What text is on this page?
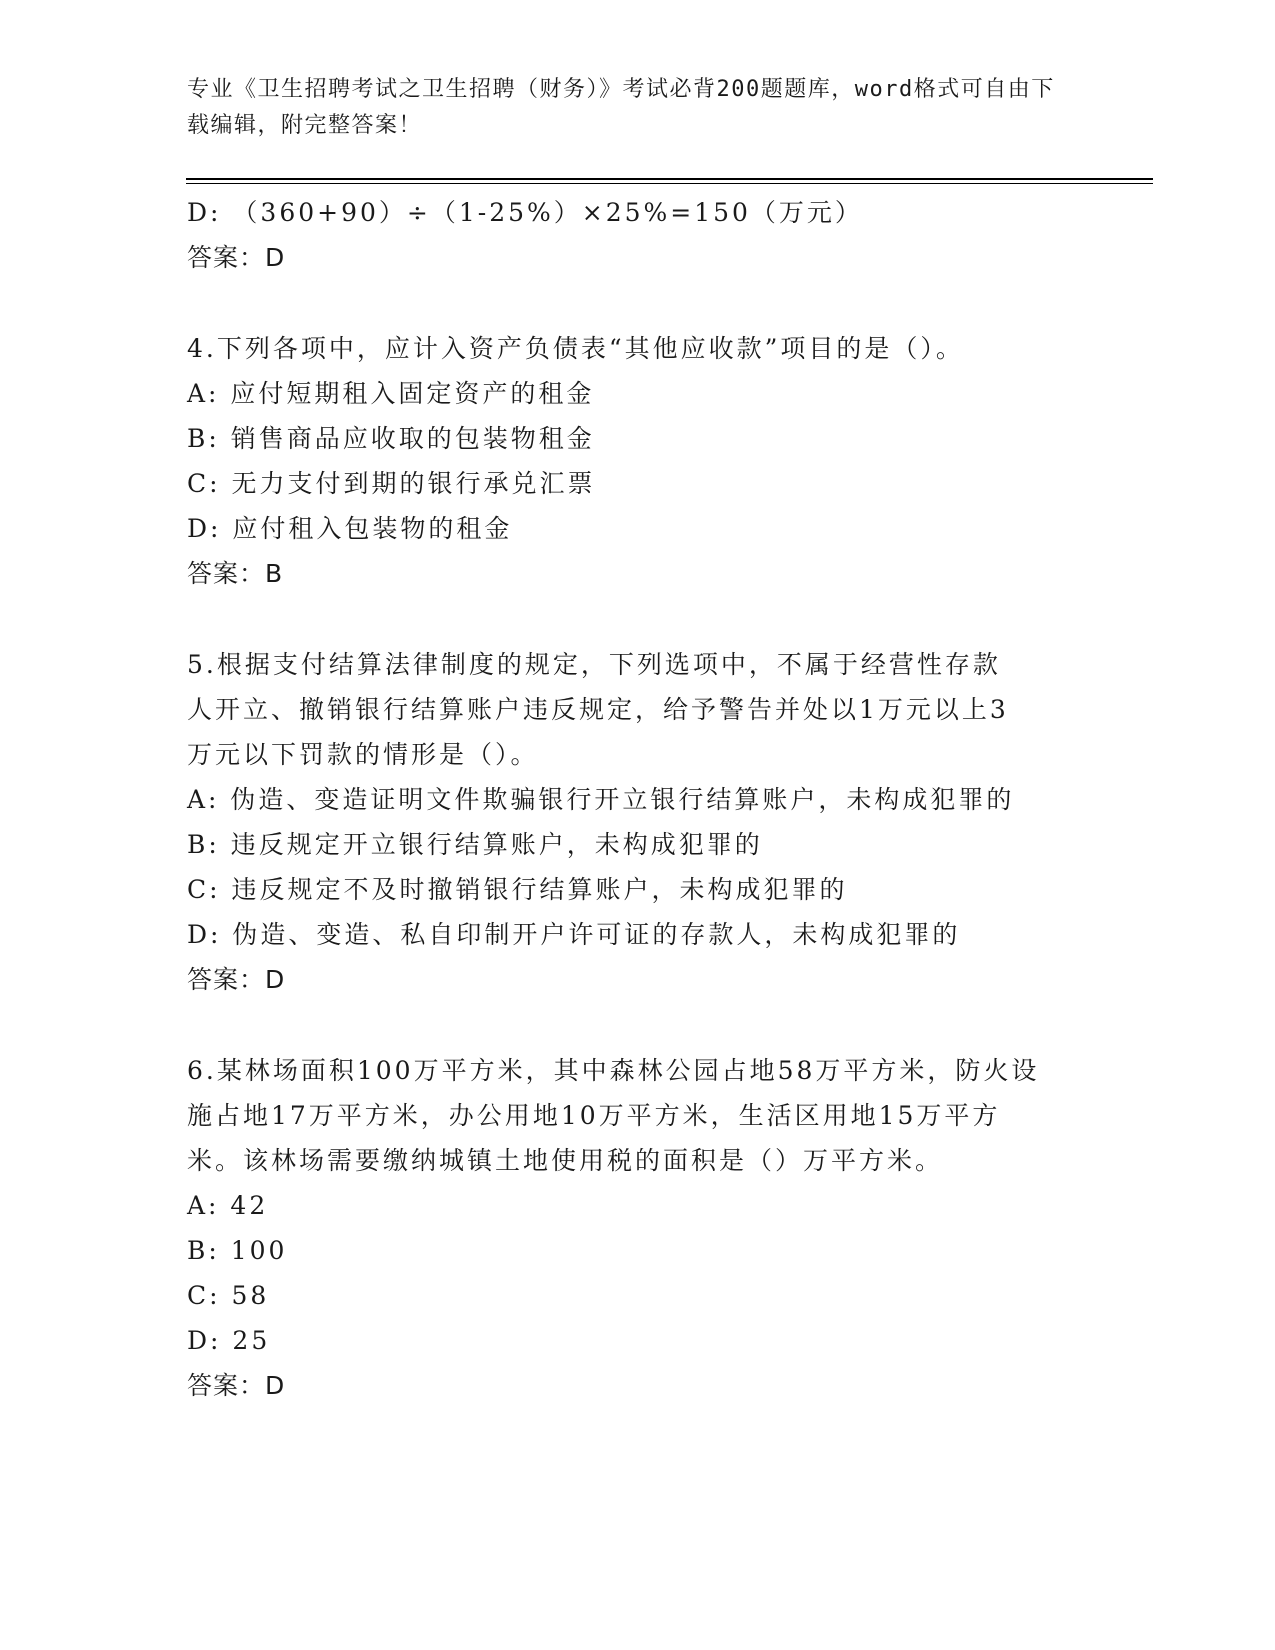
专业《卫生招聘考试之卫生招聘（财务）》考试必背200题题库，word格式可自由下载编辑，附完整答案！
D: （360+90）÷（1-25%）×25%=150（万元）
答案：D
4.下列各项中，应计入资产负债表“其他应收款”项目的是（）。
A: 应付短期租入固定资产的租金
B: 销售商品应收取的包装物租金
C: 无力支付到期的银行承兑汇票
D: 应付租入包装物的租金
答案：B
5.根据支付结算法律制度的规定，下列选项中，不属于经营性存款人开立、撤销银行结算账户违反规定，给予警告并处以1万元以上3万元以下罚款的情形是（）。
A: 伪造、变造证明文件欺骗银行开立银行结算账户，未构成犯罪的
B: 违反规定开立银行结算账户，未构成犯罪的
C: 违反规定不及时撤销银行结算账户，未构成犯罪的
D: 伪造、变造、私自印制开户许可证的存款人，未构成犯罪的
答案：D
6.某林场面积100万平方米，其中森林公园占地58万平方米，防火设施占地17万平方米，办公用地10万平方米，生活区用地15万平方米。该林场需要缴纳城镇土地使用税的面积是（）万平方米。
A: 42
B: 100
C: 58
D: 25
答案：D
